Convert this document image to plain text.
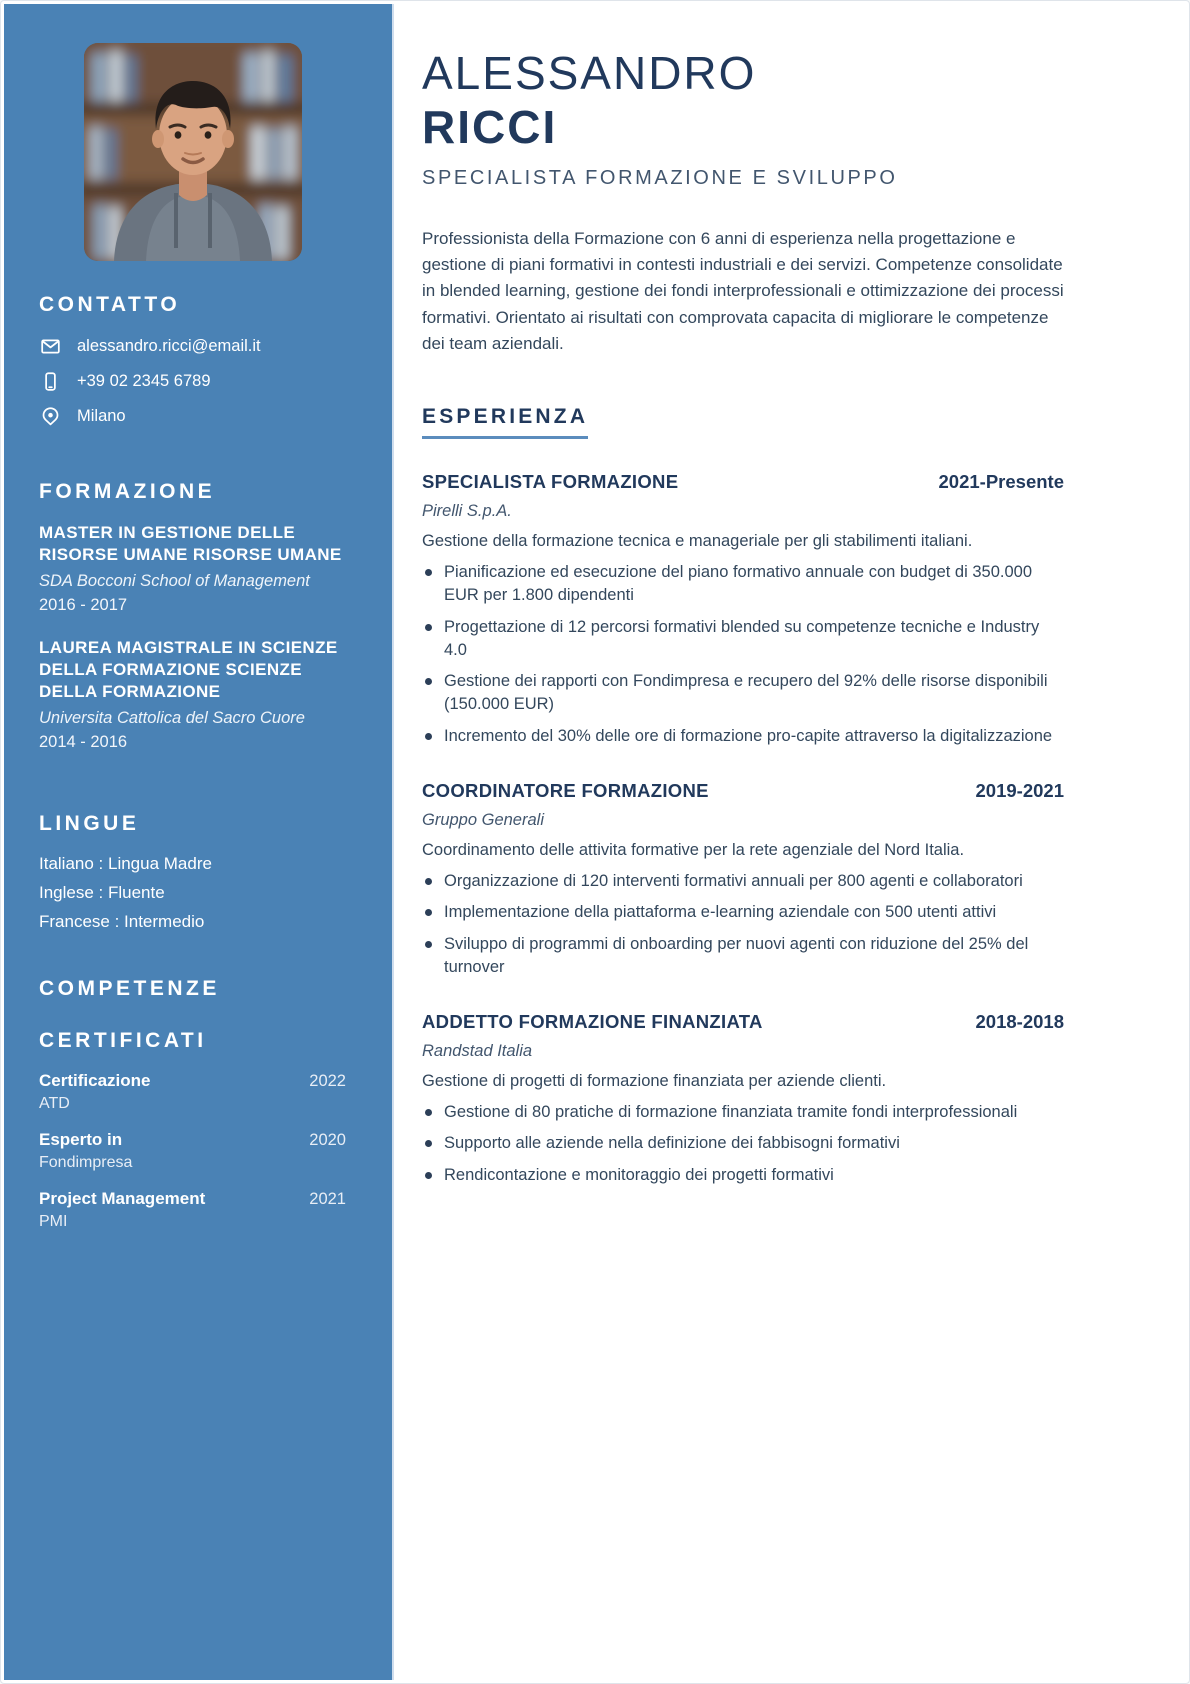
CONTATTO
alessandro.ricci@email.it
+39 02 2345 6789
Milano
FORMAZIONE
MASTER IN GESTIONE DELLE RISORSE UMANE RISORSE UMANE
SDA Bocconi School of Management
2016 - 2017
LAUREA MAGISTRALE IN SCIENZE DELLA FORMAZIONE SCIENZE DELLA FORMAZIONE
Universita Cattolica del Sacro Cuore
2014 - 2016
LINGUE
Italiano : Lingua Madre
Inglese : Fluente
Francese : Intermedio
COMPETENZE
CERTIFICATI
Certificazione	2022
ATD
Esperto in	2020
Fondimpresa
Project Management	2021
PMI
ALESSANDRO
RICCI
SPECIALISTA FORMAZIONE E SVILUPPO

Professionista della Formazione con 6 anni di esperienza nella progettazione e gestione di piani formativi in contesti industriali e dei servizi. Competenze consolidate in blended learning, gestione dei fondi interprofessionali e ottimizzazione dei processi formativi. Orientato ai risultati con comprovata capacita di migliorare le competenze dei team aziendali.

ESPERIENZA
SPECIALISTA FORMAZIONE	2021-Presente
Pirelli S.p.A.
Gestione della formazione tecnica e manageriale per gli stabilimenti italiani.
Pianificazione ed esecuzione del piano formativo annuale con budget di 350.000 EUR per 1.800 dipendenti
Progettazione di 12 percorsi formativi blended su competenze tecniche e Industry 4.0
Gestione dei rapporti con Fondimpresa e recupero del 92% delle risorse disponibili (150.000 EUR)
Incremento del 30% delle ore di formazione pro-capite attraverso la digitalizzazione
COORDINATORE FORMAZIONE	2019-2021
Gruppo Generali
Coordinamento delle attivita formative per la rete agenziale del Nord Italia.
Organizzazione di 120 interventi formativi annuali per 800 agenti e collaboratori
Implementazione della piattaforma e-learning aziendale con 500 utenti attivi
Sviluppo di programmi di onboarding per nuovi agenti con riduzione del 25% del turnover
ADDETTO FORMAZIONE FINANZIATA	2018-2018
Randstad Italia
Gestione di progetti di formazione finanziata per aziende clienti.
Gestione di 80 pratiche di formazione finanziata tramite fondi interprofessionali
Supporto alle aziende nella definizione dei fabbisogni formativi
Rendicontazione e monitoraggio dei progetti formativi
